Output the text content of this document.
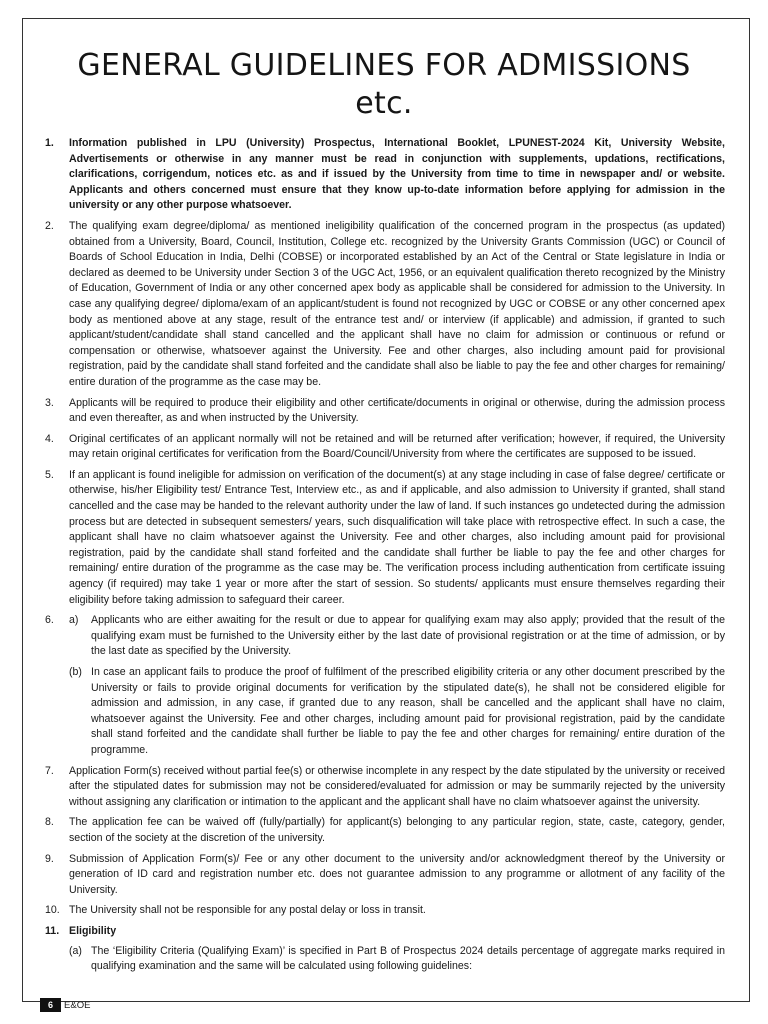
GENERAL GUIDELINES FOR ADMISSIONS
etc.
1. Information published in LPU (University) Prospectus, International Booklet, LPUNEST-2024 Kit, University Website, Advertisements or otherwise in any manner must be read in conjunction with supplements, updations, rectifications, clarifications, corrigendum, notices etc. as and if issued by the University from time to time in newspaper and/ or website. Applicants and others concerned must ensure that they know up-to-date information before applying for admission in the university or any other purpose whatsoever.
2. The qualifying exam degree/diploma/ as mentioned ineligibility qualification of the concerned program in the prospectus (as updated) obtained from a University, Board, Council, Institution, College etc. recognized by the University Grants Commission (UGC) or Council of Boards of School Education in India, Delhi (COBSE) or incorporated established by an Act of the Central or State legislature in India or declared as deemed to be University under Section 3 of the UGC Act, 1956, or an equivalent qualification thereto recognized by the Ministry of Education, Government of India or any other concerned apex body as applicable shall be considered for admission to the University. In case any qualifying degree/ diploma/exam of an applicant/student is found not recognized by UGC or COBSE or any other concerned apex body as mentioned above at any stage, result of the entrance test and/ or interview (if applicable) and admission, if granted to such applicant/student/candidate shall stand cancelled and the applicant shall have no claim for admission or continuous or refund or compensation or otherwise, whatsoever against the University. Fee and other charges, also including amount paid for provisional registration, paid by the candidate shall stand forfeited and the candidate shall also be liable to pay the fee and other charges for remaining/ entire duration of the programme as the case may be.
3. Applicants will be required to produce their eligibility and other certificate/documents in original or otherwise, during the admission process and even thereafter, as and when instructed by the University.
4. Original certificates of an applicant normally will not be retained and will be returned after verification; however, if required, the University may retain original certificates for verification from the Board/Council/University from where the certificates are supposed to be issued.
5. If an applicant is found ineligible for admission on verification of the document(s) at any stage including in case of false degree/ certificate or otherwise, his/her Eligibility test/ Entrance Test, Interview etc., as and if applicable, and also admission to University if granted, shall stand cancelled and the case may be handed to the relevant authority under the law of land. If such instances go undetected during the admission process but are detected in subsequent semesters/ years, such disqualification will take place with retrospective effect. In such a case, the applicant shall have no claim whatsoever against the University. Fee and other charges, also including amount paid for provisional registration, paid by the candidate shall stand forfeited and the candidate shall further be liable to pay the fee and other charges for remaining/ entire duration of the programme as the case may be. The verification process including authentication from certificate issuing agency (if required) may take 1 year or more after the start of session. So students/ applicants must ensure themselves regarding their eligibility before taking admission to safeguard their career.
6. a) Applicants who are either awaiting for the result or due to appear for qualifying exam may also apply; provided that the result of the qualifying exam must be furnished to the University either by the last date of provisional registration or at the time of admission, or by the last date as specified by the University.
(b) In case an applicant fails to produce the proof of fulfilment of the prescribed eligibility criteria or any other document prescribed by the University or fails to provide original documents for verification by the stipulated date(s), he shall not be considered eligible for admission and admission, in any case, if granted due to any reason, shall be cancelled and the applicant shall have no claim, whatsoever against the University. Fee and other charges, including amount paid for provisional registration, paid by the candidate shall stand forfeited and the candidate shall further be liable to pay the fee and other charges for remaining/ entire duration of the programme.
7. Application Form(s) received without partial fee(s) or otherwise incomplete in any respect by the date stipulated by the university or received after the stipulated dates for submission may not be considered/evaluated for admission or may be summarily rejected by the university without assigning any clarification or intimation to the applicant and the applicant shall have no claim whatsoever against the university.
8. The application fee can be waived off (fully/partially) for applicant(s) belonging to any particular region, state, caste, category, gender, section of the society at the discretion of the university.
9. Submission of Application Form(s)/ Fee or any other document to the university and/or acknowledgment thereof by the University or generation of ID card and registration number etc. does not guarantee admission to any programme or allotment of any facility of the University.
10. The University shall not be responsible for any postal delay or loss in transit.
11. Eligibility
(a) The ‘Eligibility Criteria (Qualifying Exam)’ is specified in Part B of Prospectus 2024 details percentage of aggregate marks required in qualifying examination and the same will be calculated using following guidelines:
6	E&OE
